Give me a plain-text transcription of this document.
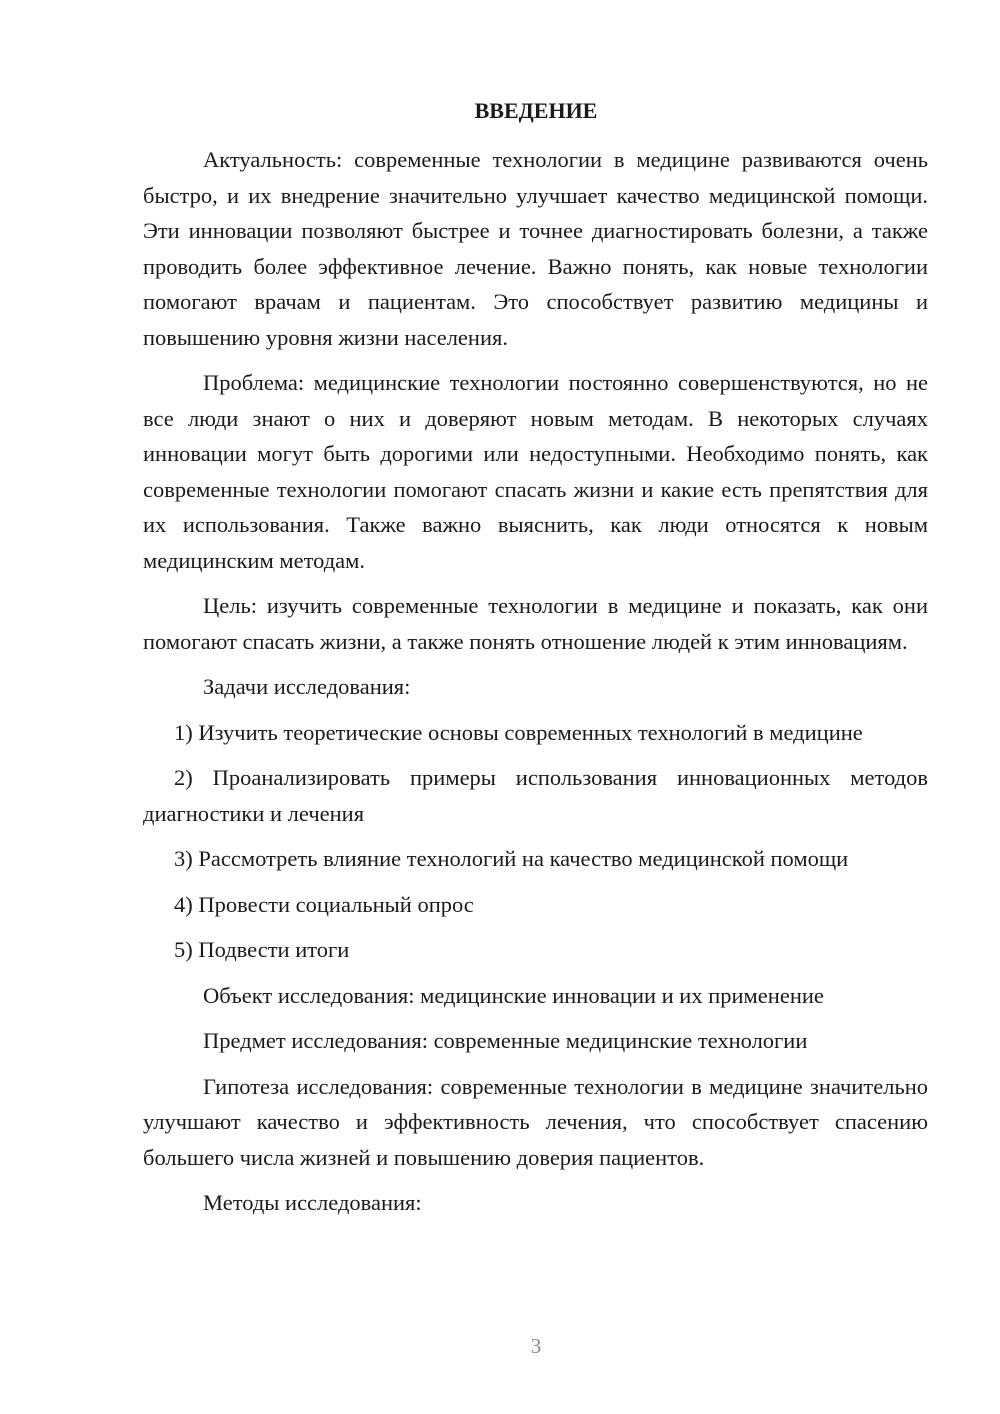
ВВЕДЕНИЕ

Актуальность: современные технологии в медицине развиваются очень быстро, и их внедрение значительно улучшает качество медицинской помощи. Эти инновации позволяют быстрее и точнее диагностировать болезни, а также проводить более эффективное лечение. Важно понять, как новые технологии помогают врачам и пациентам. Это способствует развитию медицины и повышению уровня жизни населения.

Проблема: медицинские технологии постоянно совершенствуются, но не все люди знают о них и доверяют новым методам. В некоторых случаях инновации могут быть дорогими или недоступными. Необходимо понять, как современные технологии помогают спасать жизни и какие есть препятствия для их использования. Также важно выяснить, как люди относятся к новым медицинским методам.

Цель: изучить современные технологии в медицине и показать, как они помогают спасать жизни, а также понять отношение людей к этим инновациям.

Задачи исследования:

1) Изучить теоретические основы современных технологий в медицине

2) Проанализировать примеры использования инновационных методов диагностики и лечения

3) Рассмотреть влияние технологий на качество медицинской помощи

4) Провести социальный опрос

5) Подвести итоги

Объект исследования: медицинские инновации и их применение

Предмет исследования: современные медицинские технологии

Гипотеза исследования: современные технологии в медицине значительно улучшают качество и эффективность лечения, что способствует спасению большего числа жизней и повышению доверия пациентов.

Методы исследования:

3
